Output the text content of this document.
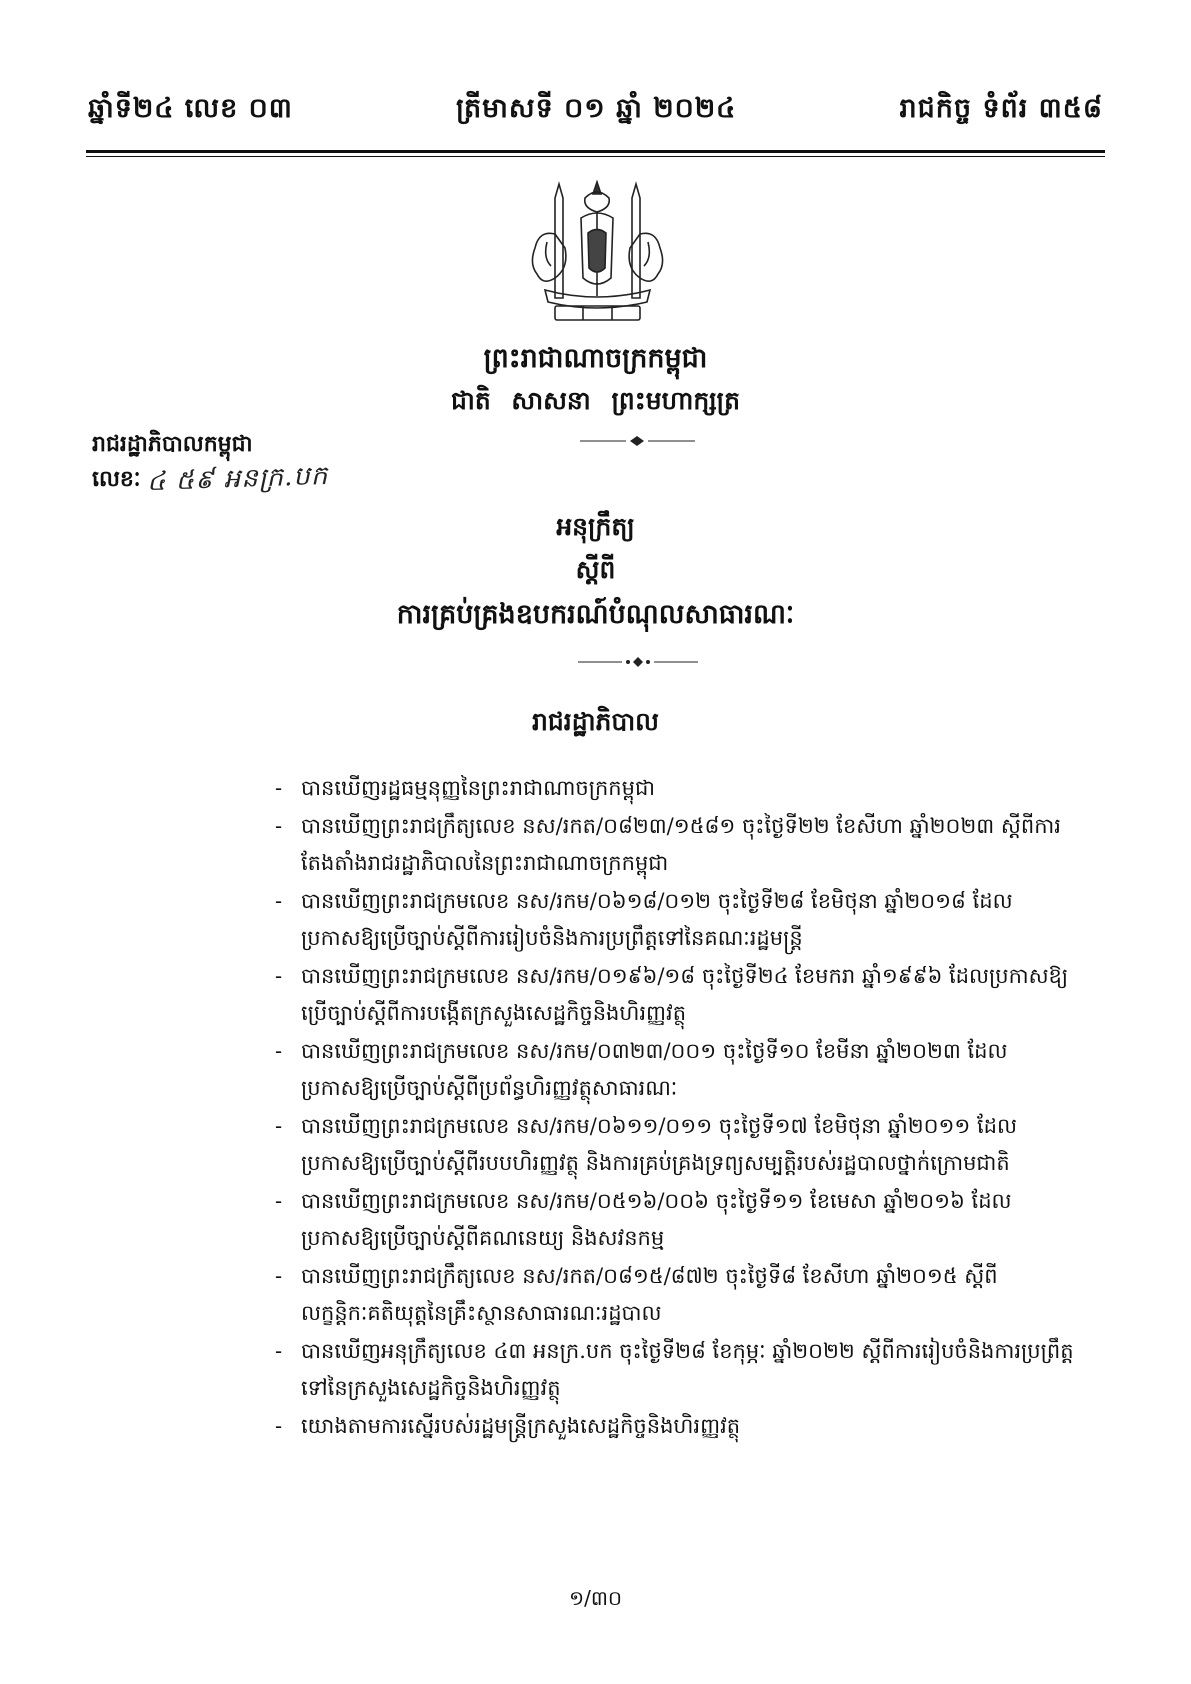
ឆ្នាំទី២៤ លេខ ០៣	ត្រីមាសទី ០១ ឆ្នាំ ២០២៤	រាជកិច្ច ទំព័រ ៣៥៨
ព្រះរាជាណាចក្រកម្ពុជា
ជាតិ សាសនា ព្រះមហាក្សត្រ
រាជរដ្ឋាភិបាលកម្ពុជា
លេខៈ ៤ ៥៩ អនក្រ.បក
អនុក្រឹត្យ
ស្តីពី
ការគ្រប់គ្រងឧបករណ៍បំណុលសាធារណៈ
រាជរដ្ឋាភិបាល
- បានឃើញរដ្ឋធម្មនុញ្ញនៃព្រះរាជាណាចក្រកម្ពុជា
- បានឃើញព្រះរាជក្រឹត្យលេខ នស/រកត/០៨២៣/១៥៨១ ចុះថ្ងៃទី២២ ខែសីហា ឆ្នាំ២០២៣ ស្តីពីការតែងតាំងរាជរដ្ឋាភិបាលនៃព្រះរាជាណាចក្រកម្ពុជា
- បានឃើញព្រះរាជក្រមលេខ នស/រកម/០៦១៨/០១២ ចុះថ្ងៃទី២៨ ខែមិថុនា ឆ្នាំ២០១៨ ដែលប្រកាសឱ្យប្រើច្បាប់ស្តីពីការរៀបចំនិងការប្រព្រឹត្តទៅនៃគណៈរដ្ឋមន្ត្រី
- បានឃើញព្រះរាជក្រមលេខ នស/រកម/០១៩៦/១៨ ចុះថ្ងៃទី២៤ ខែមករា ឆ្នាំ១៩៩៦ ដែលប្រកាសឱ្យប្រើច្បាប់ស្តីពីការបង្កើតក្រសួងសេដ្ឋកិច្ចនិងហិរញ្ញវត្ថុ
- បានឃើញព្រះរាជក្រមលេខ នស/រកម/០៣២៣/០០១ ចុះថ្ងៃទី១០ ខែមីនា ឆ្នាំ២០២៣ ដែលប្រកាសឱ្យប្រើច្បាប់ស្តីពីប្រព័ន្ធហិរញ្ញវត្ថុសាធារណៈ
- បានឃើញព្រះរាជក្រមលេខ នស/រកម/០៦១១/០១១ ចុះថ្ងៃទី១៧ ខែមិថុនា ឆ្នាំ២០១១ ដែលប្រកាសឱ្យប្រើច្បាប់ស្តីពីរបបហិរញ្ញវត្ថុ និងការគ្រប់គ្រងទ្រព្យសម្បត្តិរបស់រដ្ឋបាលថ្នាក់ក្រោមជាតិ
- បានឃើញព្រះរាជក្រមលេខ នស/រកម/០៥១៦/០០៦ ចុះថ្ងៃទី១១ ខែមេសា ឆ្នាំ២០១៦ ដែលប្រកាសឱ្យប្រើច្បាប់ស្តីពីគណនេយ្យ និងសវនកម្ម
- បានឃើញព្រះរាជក្រឹត្យលេខ នស/រកត/០៨១៥/៨៧២ ចុះថ្ងៃទី៨ ខែសីហា ឆ្នាំ២០១៥ ស្តីពីលក្ខន្តិកៈគតិយុត្តនៃគ្រឹះស្ថានសាធារណៈរដ្ឋបាល
- បានឃើញអនុក្រឹត្យលេខ ៤៣ អនក្រ.បក ចុះថ្ងៃទី២៨ ខែកុម្ភៈ ឆ្នាំ២០២២ ស្តីពីការរៀបចំនិងការប្រព្រឹត្តទៅនៃក្រសួងសេដ្ឋកិច្ចនិងហិរញ្ញវត្ថុ
- យោងតាមការស្នើរបស់រដ្ឋមន្ត្រីក្រសួងសេដ្ឋកិច្ចនិងហិរញ្ញវត្ថុ
១/៣០
